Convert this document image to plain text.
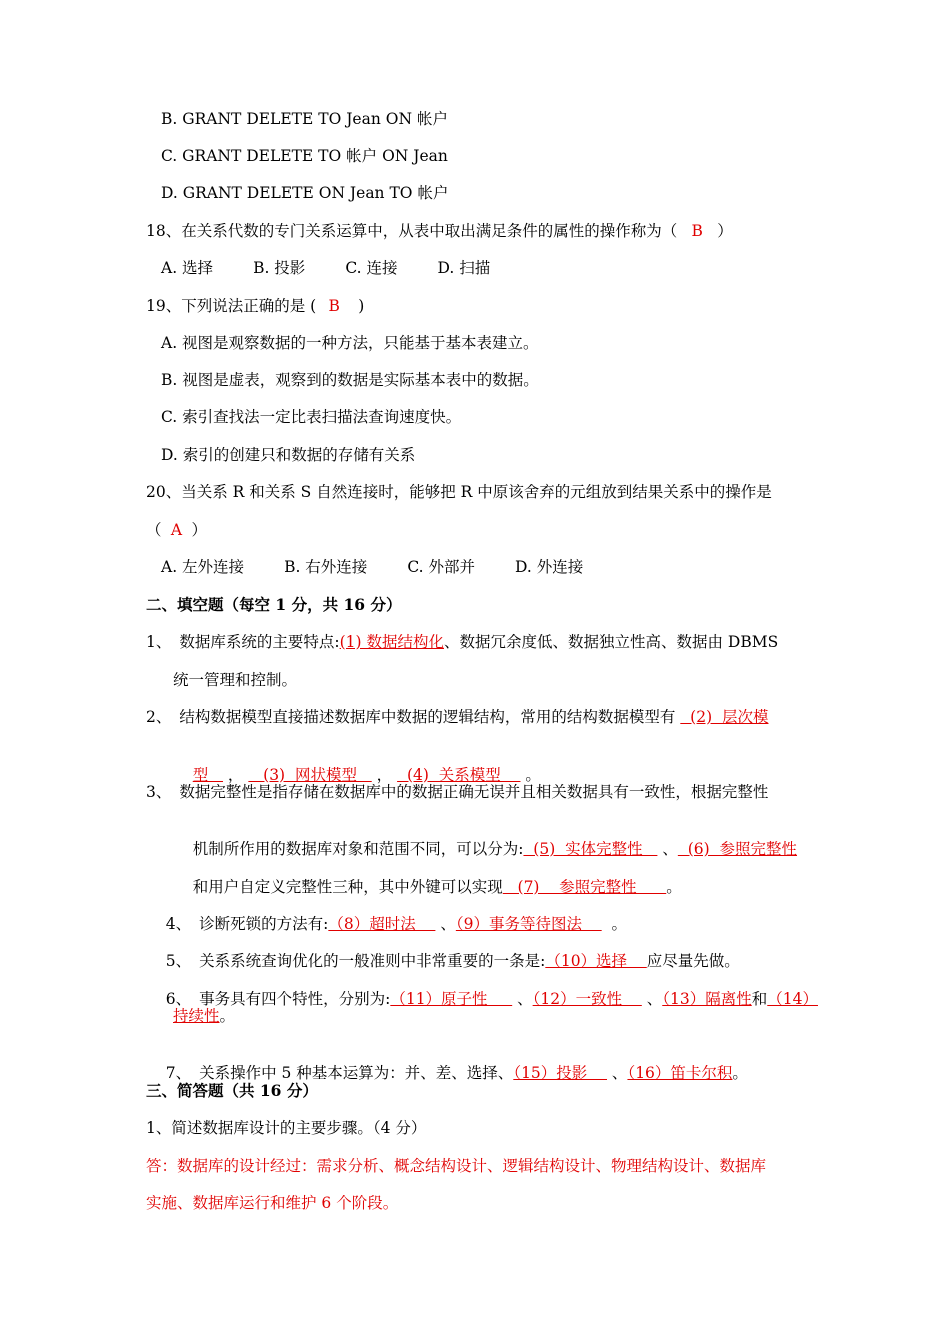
B. GRANT DELETE TO Jean ON 帐户
C. GRANT DELETE TO 帐户 ON Jean
D. GRANT DELETE ON Jean TO 帐户
18、在关系代数的专门关系运算中，从表中取出满足条件的属性的操作称为（ B ）
A. 选择	B. 投影	C. 连接	D. 扫描
19、下列说法正确的是 ( B )
A. 视图是观察数据的一种方法，只能基于基本表建立。
B. 视图是虚表，观察到的数据是实际基本表中的数据。
C. 索引查找法一定比表扫描法查询速度快。
D. 索引的创建只和数据的存储有关系
20、当关系 R 和关系 S 自然连接时，能够把 R 中原该舍弃的元组放到结果关系中的操作是
（ A ）
A. 左外连接	B. 右外连接	C. 外部并	D. 外连接
二、填空题（每空 1 分，共 16 分）
1、 数据库系统的主要特点:(1) 数据结构化、数据冗余度低、数据独立性高、数据由 DBMS
统一管理和控制。
2、 结构数据模型直接描述数据库中数据的逻辑结构，常用的结构数据模型有   (2)  层次模

型    ，    (3)  网状模型    ，   (4)  关系模型     。

3、 数据完整性是指存储在数据库中的数据正确无误并且相关数据具有一致性，根据完整性

机制所作用的数据库对象和范围不同，可以分为:  (5)  实体完整性    、  (6)  参照完整性

和用户自定义完整性三种，其中外键可以实现   (7)    参照完整性      。

4、 诊断死锁的方法有:（8）超时法     、（9）事务等待图法      。

5、 关系系统查询优化的一般准则中非常重要的一条是:（10）选择    应尽量先做。

6、 事务具有四个特性，分别为:（11）原子性      、（12）一致性     、（13）隔离性和（14）

持续性。

7、 关系操作中 5 种基本运算为：并、差、选择、（15）投影     、（16）笛卡尔积。

三、简答题（共 16 分）
1、简述数据库设计的主要步骤。（4 分）
答：数据库的设计经过：需求分析、概念结构设计、逻辑结构设计、物理结构设计、数据库
实施、数据库运行和维护 6 个阶段。
